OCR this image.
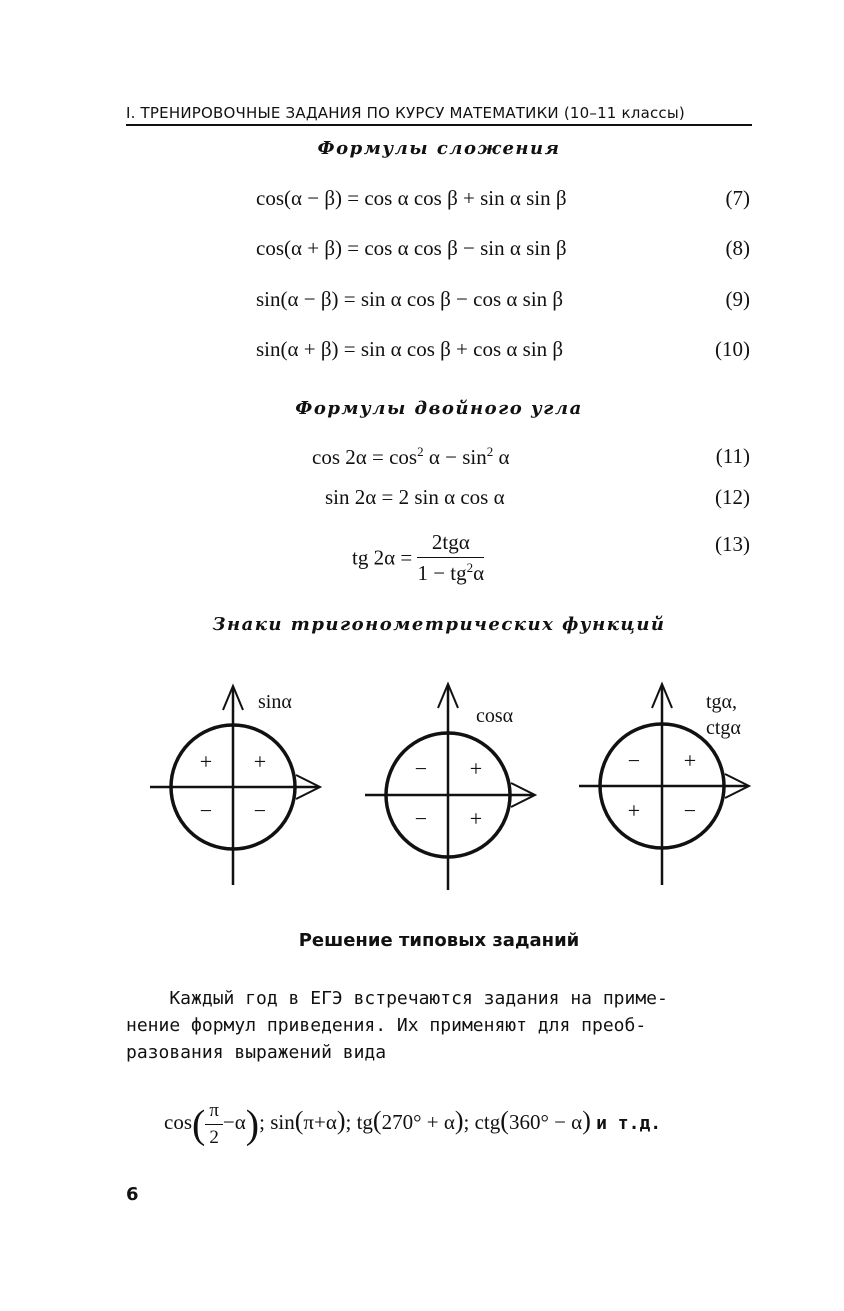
I. ТРЕНИРОВОЧНЫЕ ЗАДАНИЯ ПО КУРСУ МАТЕМАТИКИ (10–11 классы)
Формулы сложения
cos(α − β) = cos α cos β + sin α sin β	(7)
cos(α + β) = cos α cos β − sin α sin β	(8)
sin(α − β) = sin α cos β − cos α sin β	(9)
sin(α + β) = sin α cos β + cos α sin β	(10)
Формулы двойного угла
$\cos 2\alpha = \cos^2 \alpha - \sin^2 \alpha$	(11)
sin 2α = 2 sin α cos α	(12)
tg $2\alpha = \frac{\text{2tgα}}{1 - tg^2\alpha}$	(13)
Знаки тригонометрических функций
sinα
+
+
− −
cosα
+
−
− +
tgα,
ctgα
+
−
+ −
Решение типовых заданий
Каждый год в ЕГЭ встречаются задания на приме-
нение формул приведения. Их применяют для преоб-
разования выражений вида
$\cos( \frac{\pi}{2} -\alpha)$; sin(π+α); tg(270° + α); ctg(360° − α) и т.д.
6
